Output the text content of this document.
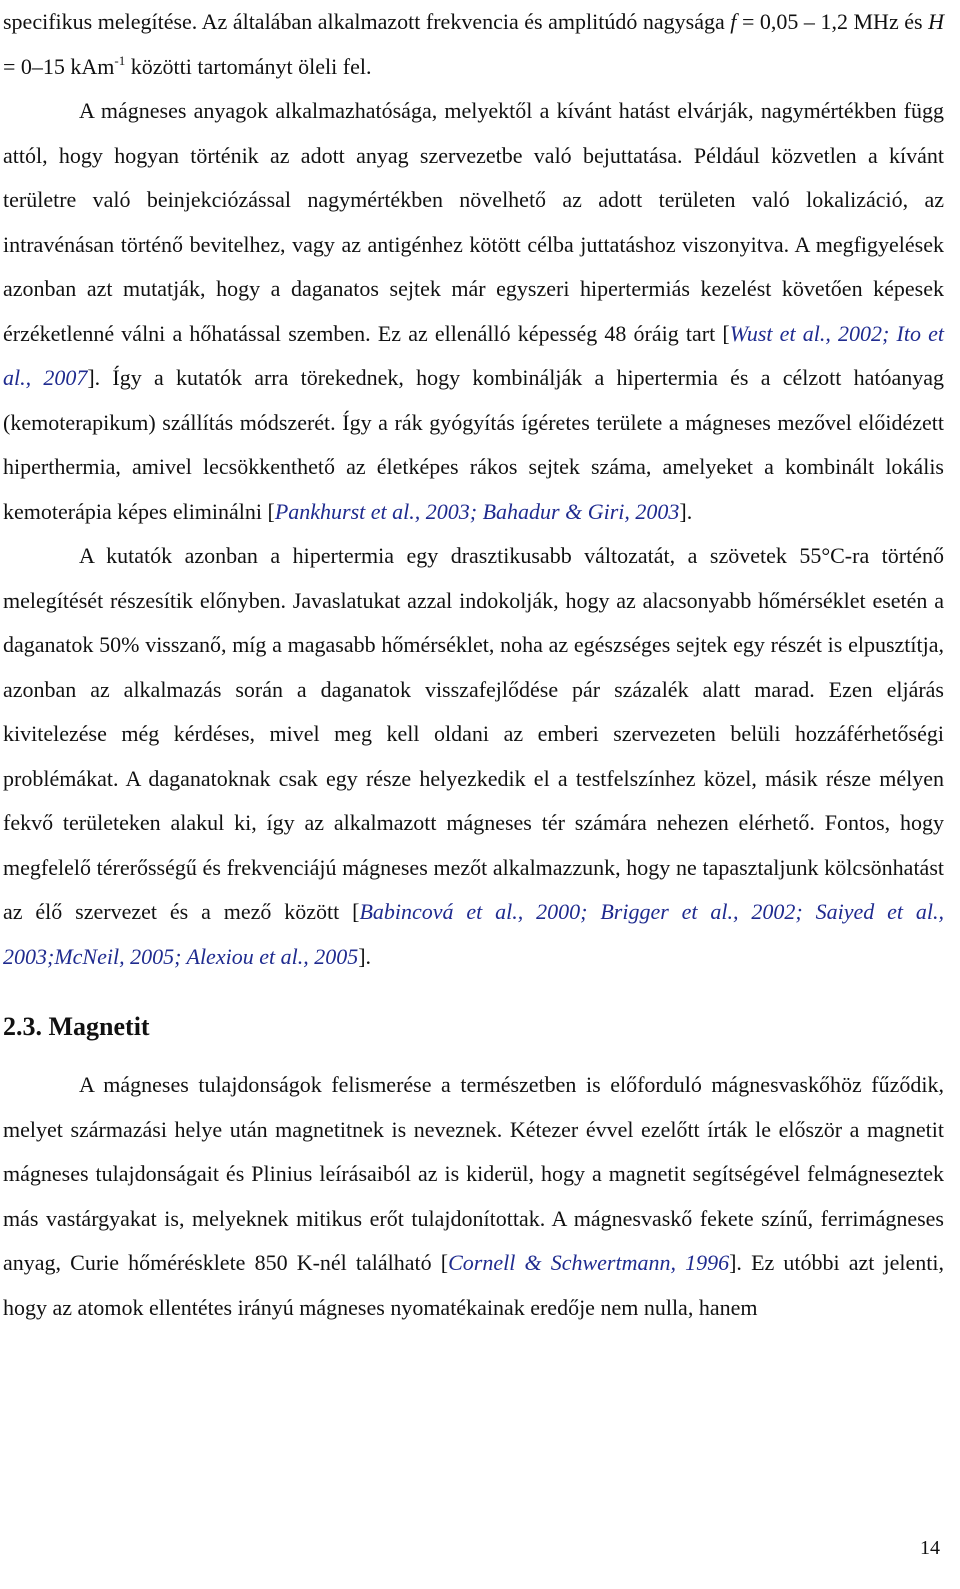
specifikus melegítése. Az általában alkalmazott frekvencia és amplitúdó nagysága f = 0,05 – 1,2 MHz és H = 0–15 kAm$^{-1}$ közötti tartományt öleli fel.

A mágneses anyagok alkalmazhatósága, melyektől a kívánt hatást elvárják, nagymértékben függ attól, hogy hogyan történik az adott anyag szervezetbe való bejuttatása. Például közvetlen a kívánt területre való beinjekciózással nagymértékben növelhető az adott területen való lokalizáció, az intravénásan történő bevitelhez, vagy az antigénhez kötött célba juttatáshoz viszonyitva. A megfigyelések azonban azt mutatják, hogy a daganatos sejtek már egyszeri hipertermiás kezelést követően képesek érzéketlenné válni a hőhatással szemben. Ez az ellenálló képesség 48 óráig tart [Wust et al., 2002; Ito et al., 2007]. Így a kutatók arra törekednek, hogy kombinálják a hipertermia és a célzott hatóanyag (kemoterapikum) szállítás módszerét. Így a rák gyógyítás ígéretes területe a mágneses mezővel előidézett hiperthermia, amivel lecsökkenthető az életképes rákos sejtek száma, amelyeket a kombinált lokális kemoterápia képes eliminálni [Pankhurst et al., 2003; Bahadur & Giri, 2003].

A kutatók azonban a hipertermia egy drasztikusabb változatát, a szövetek 55°C-ra történő melegítését részesítik előnyben. Javaslatukat azzal indokolják, hogy az alacsonyabb hőmérséklet esetén a daganatok 50% visszanő, míg a magasabb hőmérséklet, noha az egészséges sejtek egy részét is elpusztítja, azonban az alkalmazás során a daganatok visszafejlődése pár százalék alatt marad. Ezen eljárás kivitelezése még kérdéses, mivel meg kell oldani az emberi szervezeten belüli hozzáférhetőségi problémákat. A daganatoknak csak egy része helyezkedik el a testfelszínhez közel, másik része mélyen fekvő területeken alakul ki, így az alkalmazott mágneses tér számára nehezen elérhető. Fontos, hogy megfelelő térerősségű és frekvenciájú mágneses mezőt alkalmazzunk, hogy ne tapasztaljunk kölcsönhatást az élő szervezet és a mező között [Babincová et al., 2000; Brigger et al., 2002; Saiyed et al., 2003;McNeil, 2005; Alexiou et al., 2005].

2.3. Magnetit

A mágneses tulajdonságok felismerése a természetben is előforduló mágnesvaskőhöz fűződik, melyet származási helye után magnetitnek is neveznek. Kétezer évvel ezelőtt írták le először a magnetit mágneses tulajdonságait és Plinius leírásaiból az is kiderül, hogy a magnetit segítségével felmágneseztek más vastárgyakat is, melyeknek mitikus erőt tulajdonítottak. A mágnesvaskő fekete színű, ferrimágneses anyag, Curie hőmérésklete 850 K-nél található [Cornell & Schwertmann, 1996]. Ez utóbbi azt jelenti, hogy az atomok ellentétes irányú mágneses nyomatékainak eredője nem nulla, hanem

14
